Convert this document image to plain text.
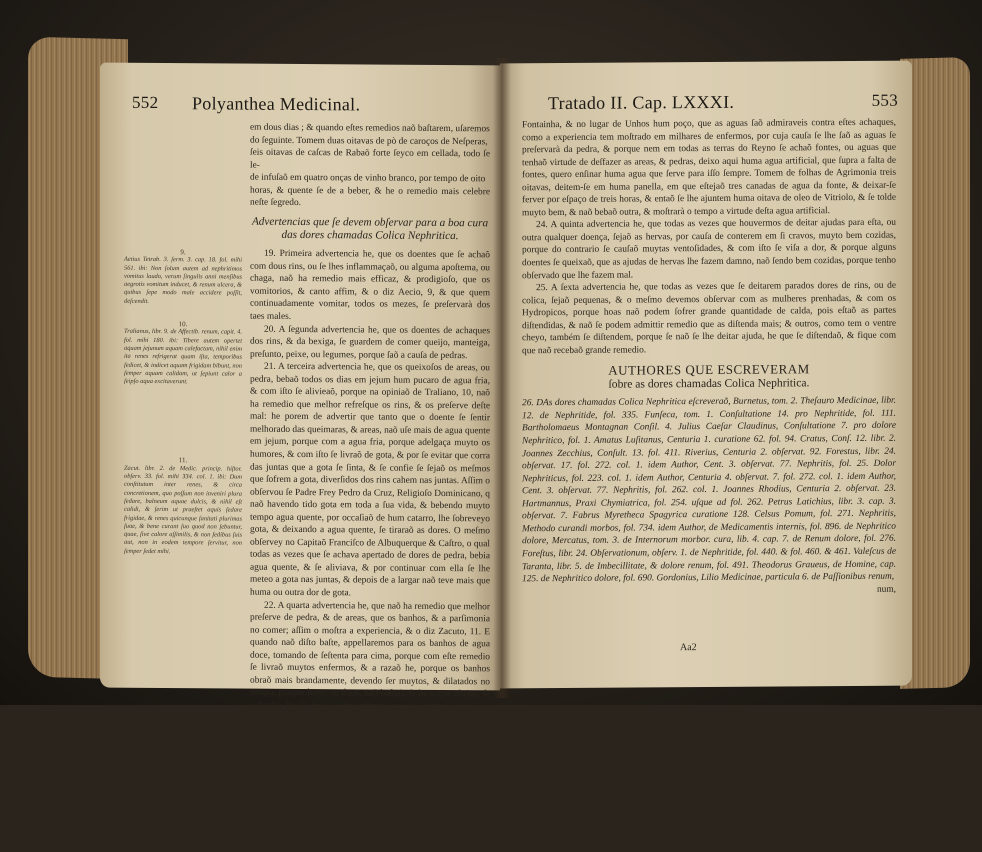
552 Polyanthea Medicinal.
9.
Aetius Tetrab. 3. ſerm. 3. cap. 18. fol. mihi 561. ibi: Non ſolum autem ad nephritimos vomitus laudo, verum ſingulis anni menſibus aegrotis vomitum inducet, & renum ulcera, & quibus ſepe modo male accidere poſſit, deſcendit.
10.
Tralianus, libr. 9. de Affectib. renum, capit. 4. fol. mihi 180. ibi: Tibere autem opertet aquam jejunum aquam calefactam, nihil enim ita renes refrigerat quam iſta, temporibus ſedicet, & indicet aquam frigidam bibunt, non ſemper aquam calidam, ut ſepiunt calor a ſeipſo aqua excitaverunt.
11.
Zacut. libr. 2. de Medic. princip. hiſtor. obſerv. 33. fol. mihi 334. col. 1. ibi: Dum conſtitutum inter renes, & circa concretionem, quo poſſum non inveniri plura ſedare, balneum aquae dulcis, & nihil eſt calidi, & ſerim ut praeſtet aquis ſedare frigidae, & renes quicunque ſanitati plurimas ſuae, & bene curant ſuo quod non ſebuntur, quae, ſive calore aſſimilis, & non ſedibus ſuis aut, non in eodem tempore ſervitur, non ſemper ſedet mihi.

em dous dias ; & quando eſtes remedios naõ baſtarem, uſaremos

do ſeguinte. Tomem duas oitavas de pò de caroços de Neſperas,

ſeis oitavas de caſcas de Rabaõ forte ſeyco em cellada, todo ſe le-

de infuſaõ em quatro onças de vinho branco, por tempo de oito

horas, & quente ſe de a beber, & he o remedio mais celebre neſte ſegredo.

Advertencias que ſe devem obſervar para a boa cura das dores chamadas Colica Nephritica.

19. Primeira advertencia he, que os doentes que ſe achaõ com dous rins, ou ſe lhes inflammaçaõ, ou alguma apoſtema, ou chaga, naõ ha remedio mais efficaz, & prodigioſo, que os vomitorios, & canto affim, & o diz Aecio, 9, & que quem continuadamente vomitar, todos os mezes, ſe preſervarà dos taes males.

20. A ſegunda advertencia he, que os doentes de achaques dos rins, & da bexiga, ſe guardem de comer queijo, manteiga, preſunto, peixe, ou legumes, porque ſaõ a cauſa de pedras.

21. A terceira advertencia he, que os queixoſos de areas, ou pedra, bebaõ todos os dias em jejum hum pucaro de agua fria, & com iſto ſe alivieaõ, porque na opiniaõ de Traliano, 10, naõ ha remedio que melhor refreſque os rins, & os preſerve deſte mal: he porem de advertir que tanto que o doente ſe ſentir melhorado das queimaras, & areas, naõ uſe mais de agua quente em jejum, porque com a agua fria, porque adelgaça muyto os humores, & com iſto ſe livraõ de gota, & por ſe evitar que corra das juntas que a gota ſe ſinta, & ſe confie ſe ſejaõ os meſmos que ſofrem a gota, diverſidos dos rins cahem nas juntas. Aſſim o obſervou ſe Padre Frey Pedro da Cruz, Religioſo Dominicano, q naõ havendo tido gota em toda a ſua vida, & bebendo muyto tempo agua quente, por occaſiaõ de hum catarro, lhe ſobreveyo gota, & deixando a agua quente, ſe tiraraõ as dores. O meſmo obſervey no Capitaõ Franciſco de Albuquerque & Caſtro, o qual todas as vezes que ſe achava apertado de dores de pedra, bebia agua quente, & ſe aliviava, & por continuar com ella ſe lhe meteo a gota nas juntas, & depois de a largar naõ teve mais que huma ou outra dor de gota.

22. A quarta advertencia he, que naõ ha remedio que melhor preſerve de pedra, & de areas, que os banhos, & a parſimonia no comer; aſſim o moſtra a experiencia, & o diz Zacuto, 11. E quando naõ diſto baſte, appellaremos para os banhos de agua doce, tomando de ſeſtenta para cima, porque com eſte remedio ſe livraõ muytos enfermos, & a razaõ he, porque os banhos obraõ mais brandamente, devendo ſer muytos, & dilatados no tempo, porque hum, ou dous, naõ baſtaõ, & he o que obriga, ſe o banho for ſó buſta, e faz effeyto com ſe continuar, mas no tempo que naõ aproveitaõ.

23. Finalmente devem beber ſempre agua de alguma fonte, que tenha virtude de limpar, & de deſobſtruir, & de fazer ourinar os rins, & a bexiga, & de lançar fòra os humores viſcoſos, & tartaroſos, que naquelles partes ſe criaõ. Os que moraõ em Lisboa, bebaõ a agua da Fonte ſita no Campo do Curral, chamada a Fonte do Grilo, & a de Vemlaõ, dentro da porta de S. Luis, que moſtra a experiencia que lhe ha, & os que ſe achaõ dentro de Lisboa, & os de fora uſem da agua do Campo, que ſeja hum dos mais uſados para os males dos rins.

Fontainha,

Tratado II. Cap. LXXXI.	553

Fontainha, & no lugar de Unhos hum poço, que as aguas ſaõ admiraveis contra eſtes achaques, como a experiencia tem moſtrado em milhares de enfermos, por cuja cauſa ſe lhe ſaõ as aguas ſe preſervarà da pedra, & porque nem em todas as terras do Reyno ſe achaõ fontes, ou aguas que tenhaõ virtude de deſfazer as areas, & pedras, deixo aqui huma agua artificial, que ſupra a falta de fontes, quero enſinar huma agua que ſerve para iſſo ſempre. Tomem de folhas de Agrimonia treis oitavas, deitem-ſe em huma panella, em que eſtejaõ tres canadas de agua da fonte, & deixar-ſe ferver por eſpaço de treis horas, & entaõ ſe lhe ajuntem huma oitava de oleo de Vitriolo, & ſe tolde muyto bem, & naõ bebaõ outra, & moſtrarà o tempo a virtude deſta agua artificial.

24. A quinta advertencia he, que todas as vezes que houvermos de deitar ajudas para eſta, ou outra qualquer doença, ſejaõ as hervas, por cauſa de conterem em ſi cravos, muyto bem cozidas, porque do contrario ſe cauſaõ muytas ventoſidades, & com iſto ſe viſa a dor, & porque alguns doentes ſe queixaõ, que as ajudas de hervas lhe fazem damno, naõ ſendo bem cozidas, porque tenho obſervado que lhe fazem mal.

25. A ſexta advertencia he, que todas as vezes que ſe deitarem parados dores de rins, ou de colica, ſejaõ pequenas, & o meſmo devemos obſervar com as mulheres prenhadas, & com os Hydropicos, porque hoas naõ podem ſofrer grande quantidade de calda, pois eſtaõ as partes diſtendidas, & naõ ſe podem admittir remedio que as diſtenda mais; & outros, como tem o ventre cheyo, também ſe diſtendem, porque ſe naõ ſe lhe deitar ajuda, he que ſe diſtendaõ, & fique com que naõ recebaõ grande remedio.

AUTHORES QUE ESCREVERAM
ſobre as dores chamadas Colica Nephritica.

26. DAs dores chamadas Colica Nephritica eſcreveraõ, Burnetus, tom. 2. Theſauro Medicinae, libr. 12. de Nephritide, fol. 335. Funſeca, tom. 1. Conſultatione 14. pro Nephritide, fol. 111. Bartholomaeus Montagnan Conſil. 4. Julius Caeſar Claudinus, Conſultatione 7. pro dolore Nephritico, fol. 1. Amatus Luſitanus, Centuria 1. curatione 62. fol. 94. Cratus, Conſ. 12. libr. 2. Joannes Zecchius, Conſult. 13. fol. 411. Riverius, Centuria 2. obſervat. 92. Forestus, libr. 24. obſervat. 17. fol. 272. col. 1. idem Author, Cent. 3. obſervat. 77. Nephritis, fol. 25. Dolor Nephriticus, fol. 223. col. 1. idem Author, Centuria 4. obſervat. 7. fol. 272. col. 1. idem Author, Cent. 3. obſervat. 77. Nephritis, fol. 262. col. 1. Joannes Rhodius, Centuria 2. obſervat. 23. Hartmannus, Praxi Chymiatrica, fol. 254. uſque ad fol. 262. Petrus Latichius, libr. 3. cap. 3. obſervat. 7. Fabrus Myretheca Spagyrica curatione 128. Celsus Pomum, fol. 271. Nephritis, Methodo curandi morbos, fol. 734. idem Author, de Medicamentis internis, fol. 896. de Nephritico dolore, Mercatus, tom. 3. de Internorum morbor. cura, lib. 4. cap. 7. de Renum dolore, fol. 276. Foreſtus, libr. 24. Obſervationum, obſerv. 1. de Nephritide, fol. 440. & fol. 460. & 461. Valeſcus de Taranta, libr. 5. de Imbecillitate, & dolore renum, fol. 491. Theodorus Graueus, de Homine, cap. 125. de Nephritico dolore, fol. 690. Gordonius, Lilio Medicinae, particula 6. de Paſſionibus renum,

num,

Aa2
